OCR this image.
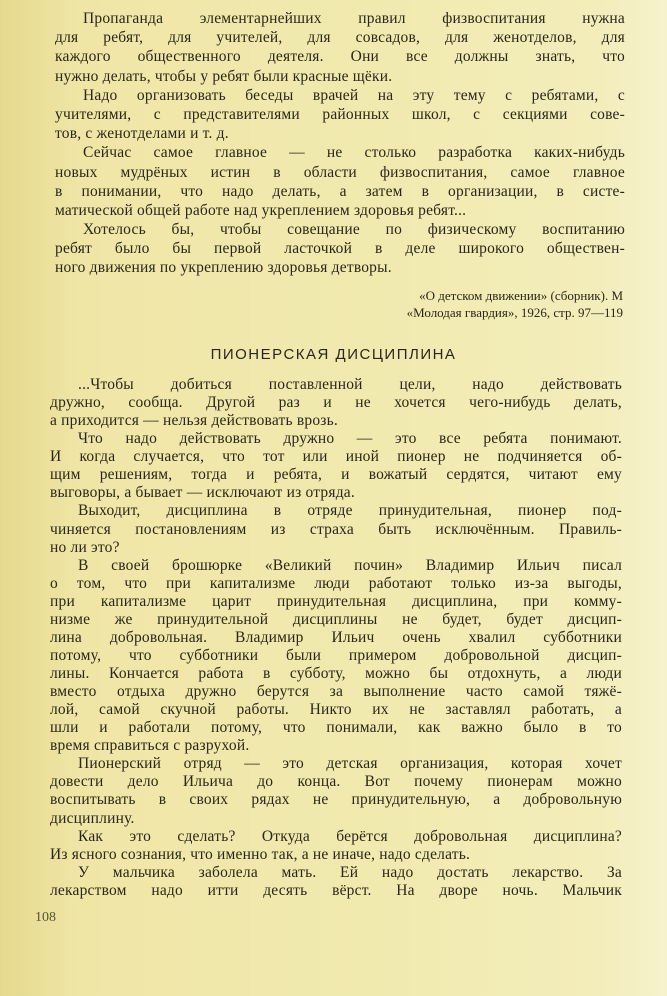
Пропаганда элементарнейших правил физвоспитания нужна
для ребят, для учителей, для совсадов, для женотделов, для
каждого общественного деятеля. Они все должны знать, что
нужно делать, чтобы у ребят были красные щёки.
Надо организовать беседы врачей на эту тему с ребятами, с
учителями, с представителями районных школ, с секциями сове-
тов, с женотделами и т. д.
Сейчас самое главное — не столько разработка каких-нибудь
новых мудрёных истин в области физвоспитания, самое главное
в понимании, что надо делать, а затем в организации, в систе-
матической общей работе над укреплением здоровья ребят...
Хотелось бы, чтобы совещание по физическому воспитанию
ребят было бы первой ласточкой в деле широкого обществен-
ного движения по укреплению здоровья детворы.
«О детском движении» (сборник). М
«Молодая гвардия», 1926, стр. 97—119
ПИОНЕРСКАЯ ДИСЦИПЛИНА
...Чтобы добиться поставленной цели, надо действовать
дружно, сообща. Другой раз и не хочется чего-нибудь делать,
а приходится — нельзя действовать врозь.
Что надо действовать дружно — это все ребята понимают.
И когда случается, что тот или иной пионер не подчиняется об-
щим решениям, тогда и ребята, и вожатый сердятся, читают ему
выговоры, а бывает — исключают из отряда.
Выходит, дисциплина в отряде принудительная, пионер под-
чиняется постановлениям из страха быть исключённым. Правиль-
но ли это?
В своей брошюрке «Великий почин» Владимир Ильич писал
о том, что при капитализме люди работают только из-за выгоды,
при капитализме царит принудительная дисциплина, при комму-
низме же принудительной дисциплины не будет, будет дисцип-
лина добровольная. Владимир Ильич очень хвалил субботники
потому, что субботники были примером добровольной дисцип-
лины. Кончается работа в субботу, можно бы отдохнуть, а люди
вместо отдыха дружно берутся за выполнение часто самой тяжё-
лой, самой скучной работы. Никто их не заставлял работать, а
шли и работали потому, что понимали, как важно было в то
время справиться с разрухой.
Пионерский отряд — это детская организация, которая хочет
довести дело Ильича до конца. Вот почему пионерам можно
воспитывать в своих рядах не принудительную, а добровольную
дисциплину.
Как это сделать? Откуда берётся добровольная дисциплина?
Из ясного сознания, что именно так, а не иначе, надо сделать.
У мальчика заболела мать. Ей надо достать лекарство. За
лекарством надо итти десять вёрст. На дворе ночь. Мальчик
108
